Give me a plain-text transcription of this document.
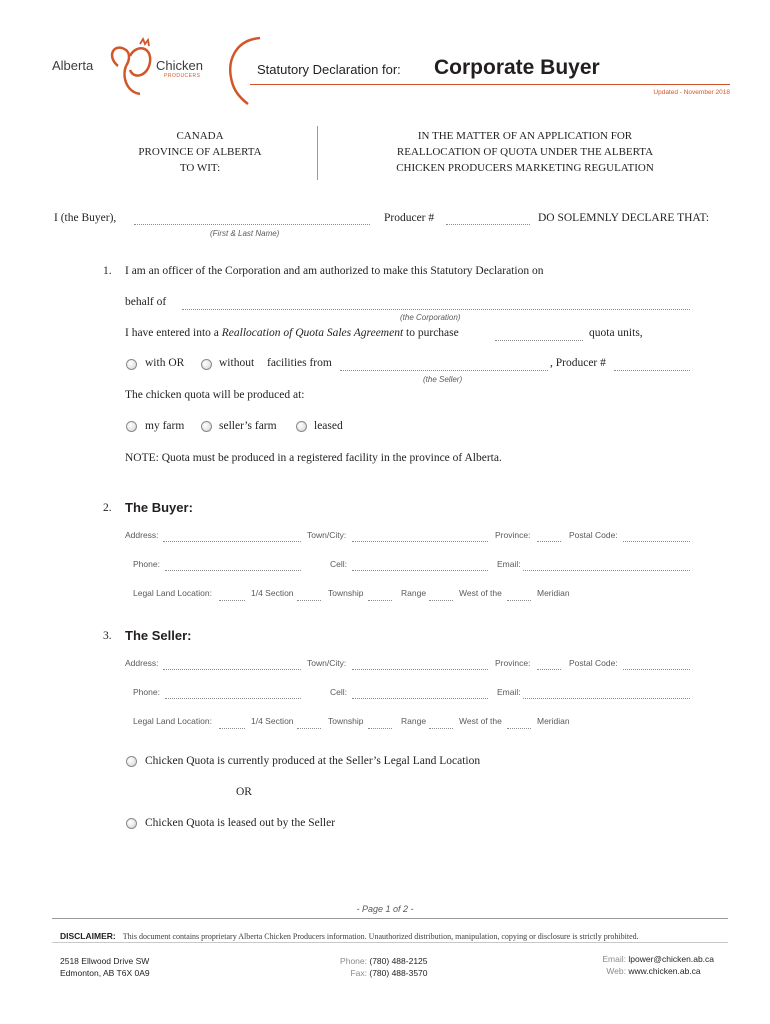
Alberta	Chicken
PRODUCERS	Statutory Declaration for: Corporate Buyer
Updated - November 2018
CANADA
PROVINCE OF ALBERTA
TO WIT:
IN THE MATTER OF AN APPLICATION FOR
REALLOCATION OF QUOTA UNDER THE ALBERTA
CHICKEN PRODUCERS MARKETING REGULATION
I (the Buyer),
(First & Last Name)
Producer #	DO SOLEMNLY DECLARE THAT:
1. I am an officer of the Corporation and am authorized to make this Statutory Declaration on
behalf of
(the Corporation)
I have entered into a Reallocation of Quota Sales Agreement to purchase	quota units,
with OR	without facilities from
(the Seller)
, Producer #
The chicken quota will be produced at:
my farm	seller’s farm	leased
NOTE: Quota must be produced in a registered facility in the province of Alberta.
2. The Buyer:
Address:	Town/City:	Province:	Postal Code:
Phone:	Cell:	Email:
Legal Land Location:	1/4 Section	Township	Range	West of the	Meridian
3. The Seller:
Address:	Town/City:	Province:	Postal Code:
Phone:	Cell:	Email:
Legal Land Location:	1/4 Section	Township	Range	West of the	Meridian
Chicken Quota is currently produced at the Seller’s Legal Land Location
OR
Chicken Quota is leased out by the Seller
- Page 1 of 2 -
DISCLAIMER: This document contains proprietary Alberta Chicken Producers information. Unauthorized distribution, manipulation, copying or disclosure is strictly prohibited.
2518 Ellwood Drive SW
Edmonton, AB T6X 0A9
Phone: (780) 488-2125
Fax: (780) 488-3570
Email: lpower@chicken.ab.ca
Web: www.chicken.ab.ca
